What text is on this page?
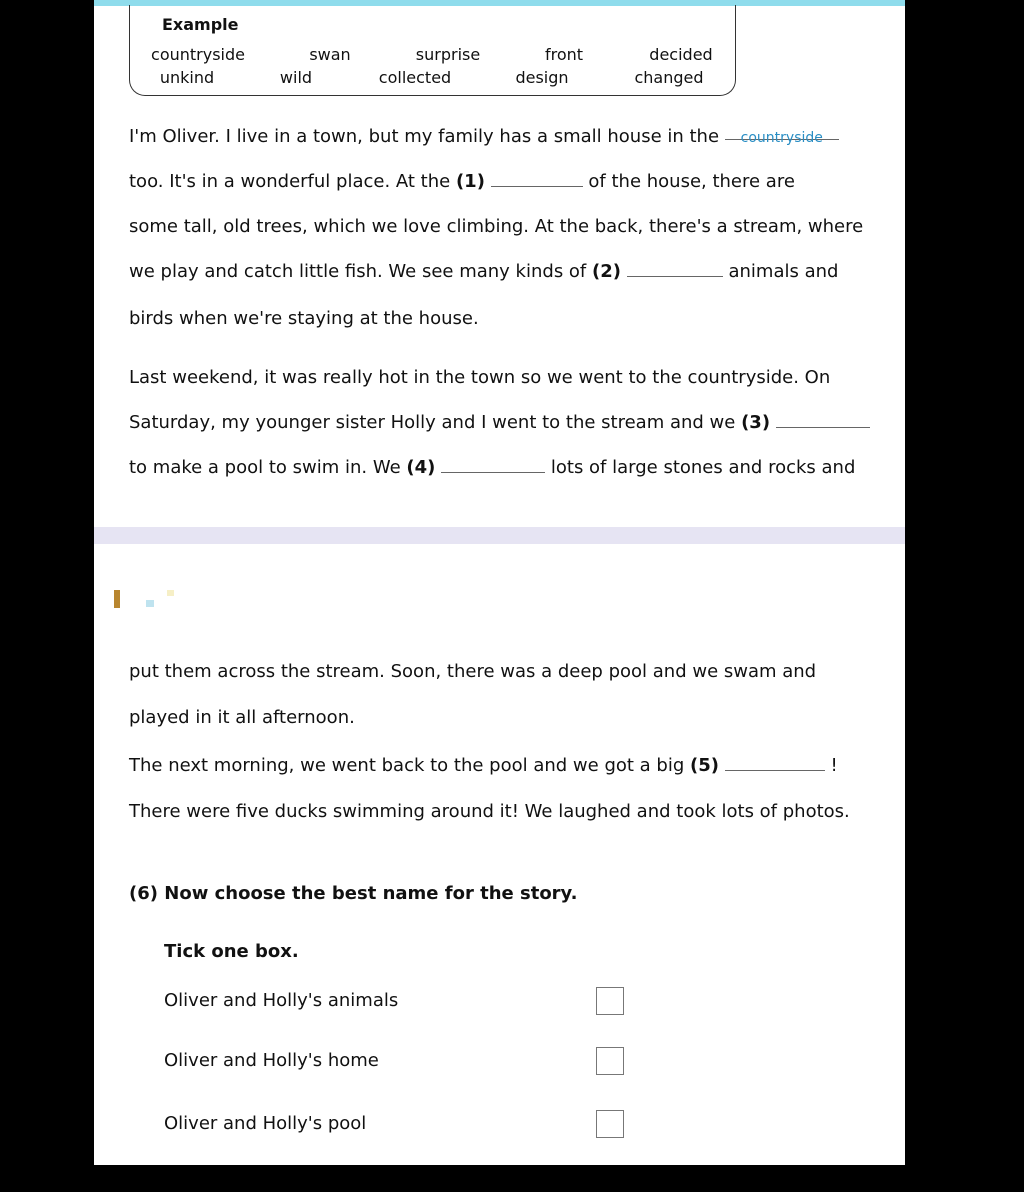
Example
countryside	swan	surprise	front	decided
unkind	wild	collected	design	changed
I'm Oliver. I live in a town, but my family has a small house in the countryside
too. It's in a wonderful place. At the (1)	of the house, there are
some tall, old trees, which we love climbing. At the back, there's a stream, where
we play and catch little fish. We see many kinds of (2)	animals and
birds when we're staying at the house.
Last weekend, it was really hot in the town so we went to the countryside. On
Saturday, my younger sister Holly and I went to the stream and we (3)
to make a pool to swim in. We (4)	lots of large stones and rocks and
put them across the stream. Soon, there was a deep pool and we swam and
played in it all afternoon.
The next morning, we went back to the pool and we got a big (5)	!
There were five ducks swimming around it! We laughed and took lots of photos.
(6) Now choose the best name for the story.
Tick one box.
Oliver and Holly's animals
Oliver and Holly's home
Oliver and Holly's pool
